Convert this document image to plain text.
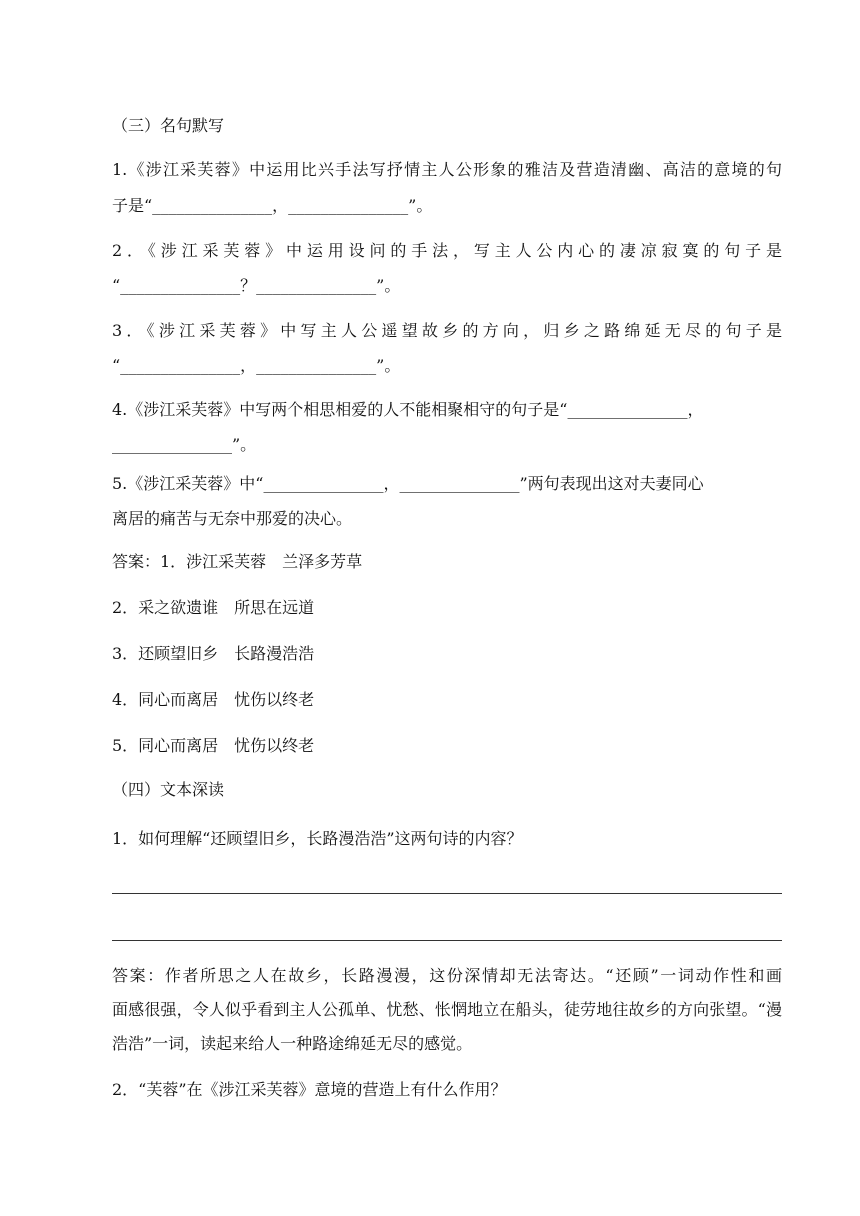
（三）名句默写
1.《涉江采芙蓉》中运用比兴手法写抒情主人公形象的雅洁及营造清幽、高洁的意境的句
子是“_______________，_______________”。
2．《涉江采芙蓉》中运用设问的手法，写主人公内心的凄凉寂寞的句子是
“_______________？_______________”。
3．《涉江采芙蓉》中写主人公遥望故乡的方向，归乡之路绵延无尽的句子是
“_______________，_______________”。
4.《涉江采芙蓉》中写两个相思相爱的人不能相聚相守的句子是“_______________，
_______________”。
5.《涉江采芙蓉》中“_______________，_______________”两句表现出这对夫妻同心
离居的痛苦与无奈中那爱的决心。
答案：1．涉江采芙蓉　兰泽多芳草
2．采之欲遗谁　所思在远道
3．还顾望旧乡　长路漫浩浩
4．同心而离居　忧伤以终老
5．同心而离居　忧伤以终老
（四）文本深读
1．如何理解“还顾望旧乡，长路漫浩浩”这两句诗的内容？
答案：作者所思之人在故乡，长路漫漫，这份深情却无法寄达。“还顾”一词动作性和画
面感很强，令人似乎看到主人公孤单、忧愁、怅惘地立在船头，徒劳地往故乡的方向张望。“漫
浩浩”一词，读起来给人一种路途绵延无尽的感觉。
2．“芙蓉”在《涉江采芙蓉》意境的营造上有什么作用？
